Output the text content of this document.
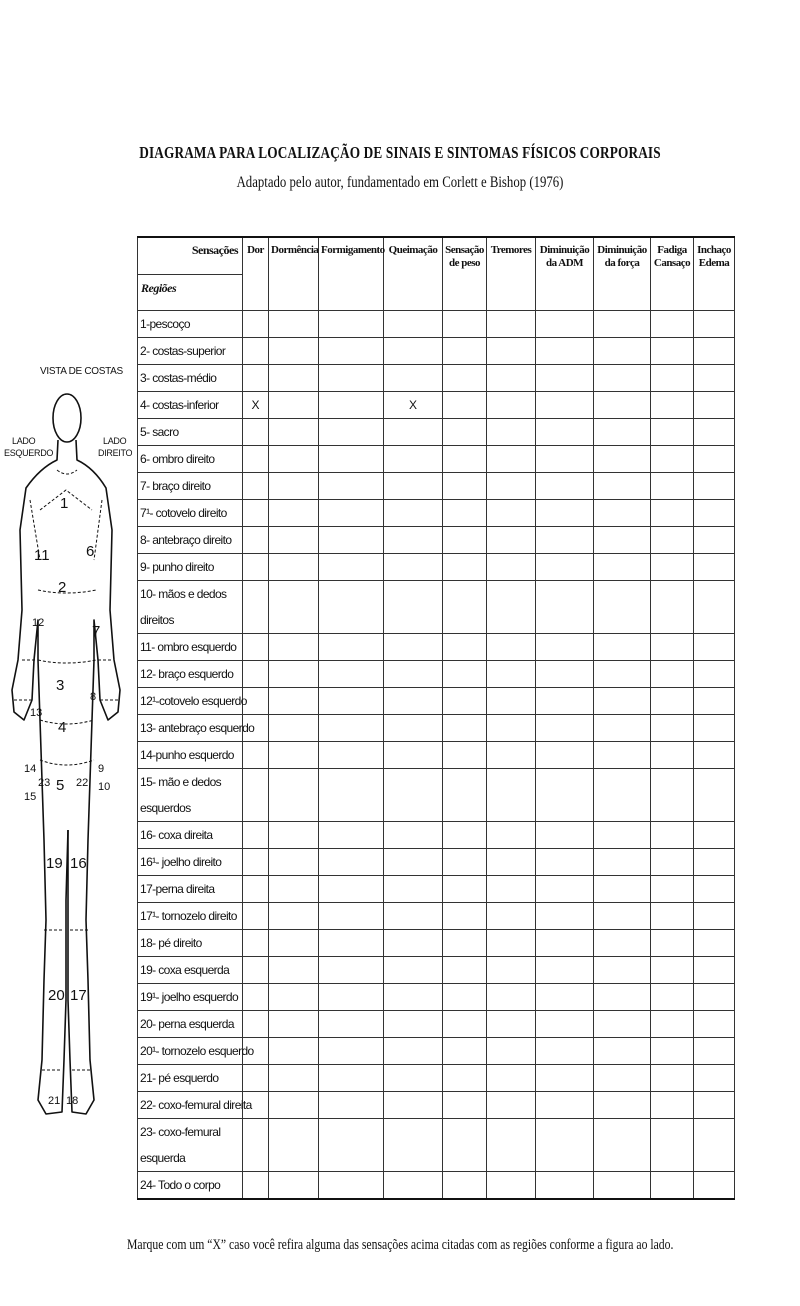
DIAGRAMA PARA LOCALIZAÇÃO DE SINAIS E SINTOMAS FÍSICOS CORPORAIS
Adaptado pelo autor, fundamentado em Corlett e Bishop (1976)
VISTA DE COSTAS
LADO
ESQUERDO
LADO
DIREITO
1
2
3
4
5
6
7
8
9
10
11
12
13
14
15
16
17
18
19
20
21
22
23
Sensações
Regiões	Dor	Dormência	Formigamento	Queimação	Sensação de peso	Tremores	Diminuição da ADM	Diminuição da força	Fadiga Cansaço	Inchaço Edema
1-pescoço										
2- costas-superior										
3- costas-médio										
4- costas-inferior	X			X						
5- sacro										
6- ombro direito										
7- braço direito										
7¹- cotovelo direito										
8- antebraço direito										
9- punho direito										
10- mãos e dedos direitos										
11- ombro esquerdo										
12- braço esquerdo										
12¹-cotovelo esquerdo										
13- antebraço esquerdo										
14-punho esquerdo										
15- mão e dedos esquerdos										
16- coxa direita										
16¹- joelho direito										
17-perna direita										
17¹- tornozelo direito										
18- pé direito										
19- coxa esquerda										
19¹- joelho esquerdo										
20- perna esquerda										
20¹- tornozelo esquerdo										
21- pé esquerdo										
22- coxo-femural direita										
23- coxo-femural esquerda										
24- Todo o corpo										
Marque com um “X” caso você refira alguma das sensações acima citadas com as regiões conforme a figura ao lado.
